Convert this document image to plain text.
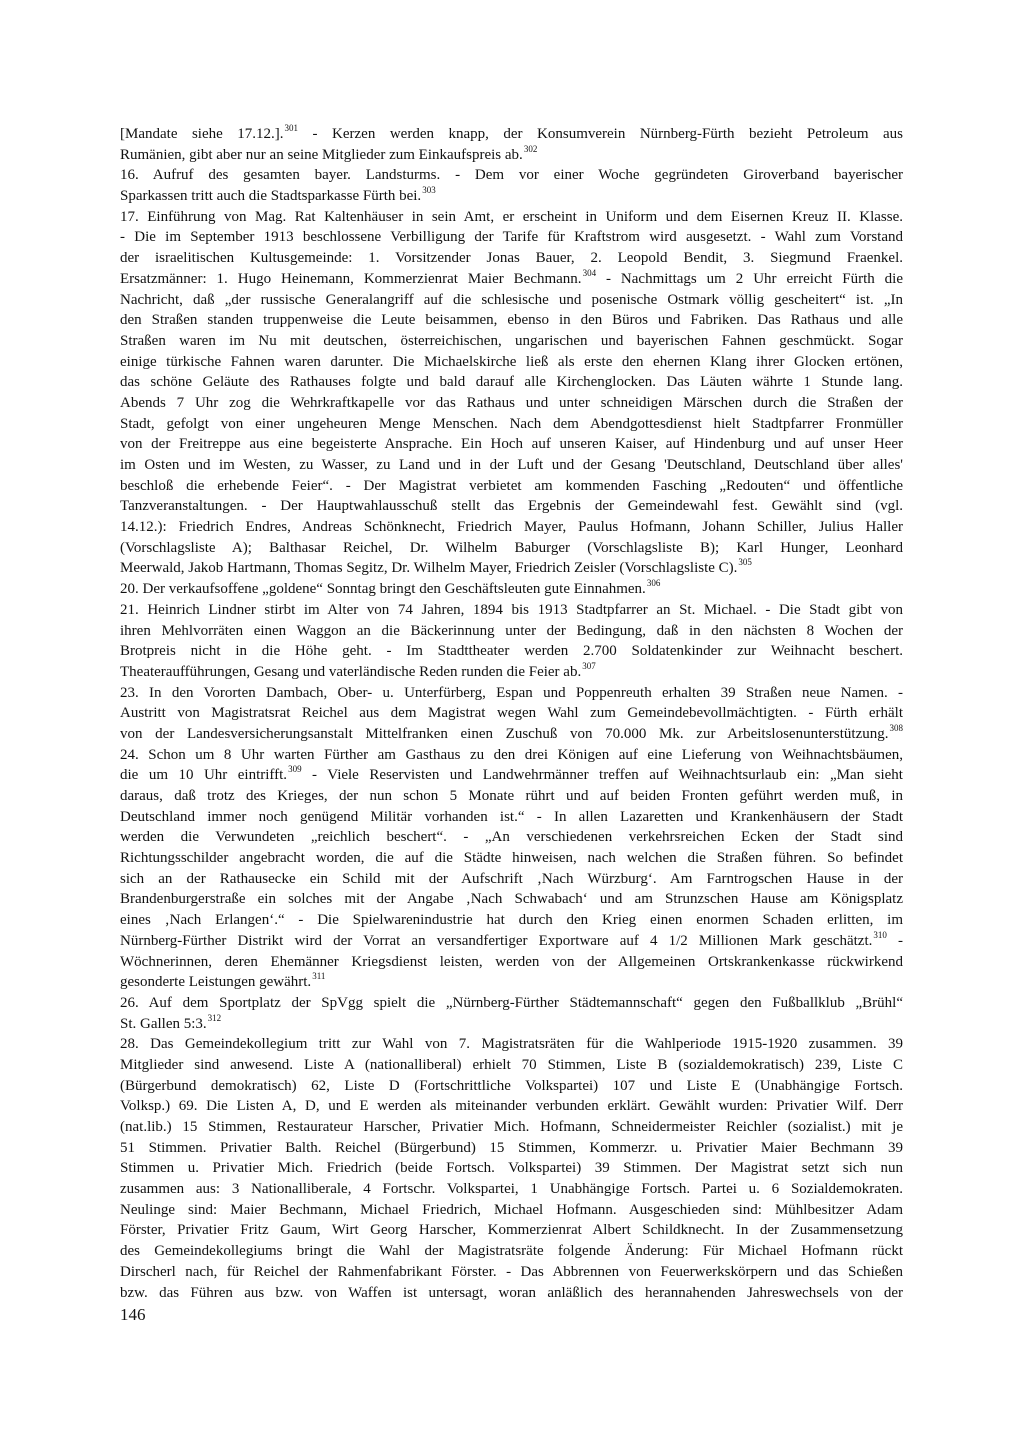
[Mandate siehe 17.12.].$^{301}$ - Kerzen werden knapp, der Konsumverein Nürnberg-Fürth bezieht Petroleum aus
Rumänien, gibt aber nur an seine Mitglieder zum Einkaufspreis ab.$^{302}$
16. Aufruf des gesamten bayer. Landsturms. - Dem vor einer Woche gegründeten Giroverband bayerischer
Sparkassen tritt auch die Stadtsparkasse Fürth bei.$^{303}$
17. Einführung von Mag. Rat Kaltenhäuser in sein Amt, er erscheint in Uniform und dem Eisernen Kreuz II. Klasse.
- Die im September 1913 beschlossene Verbilligung der Tarife für Kraftstrom wird ausgesetzt. - Wahl zum Vorstand
der israelitischen Kultusgemeinde: 1. Vorsitzender Jonas Bauer, 2. Leopold Bendit, 3. Siegmund Fraenkel.
Ersatzmänner: 1. Hugo Heinemann, Kommerzienrat Maier Bechmann.$^{304}$ - Nachmittags um 2 Uhr erreicht Fürth die
Nachricht, daß „der russische Generalangriff auf die schlesische und posenische Ostmark völlig gescheitert“ ist. „In
den Straßen standen truppenweise die Leute beisammen, ebenso in den Büros und Fabriken. Das Rathaus und alle
Straßen waren im Nu mit deutschen, österreichischen, ungarischen und bayerischen Fahnen geschmückt. Sogar
einige türkische Fahnen waren darunter. Die Michaelskirche ließ als erste den ehernen Klang ihrer Glocken ertönen,
das schöne Geläute des Rathauses folgte und bald darauf alle Kirchenglocken. Das Läuten währte 1 Stunde lang.
Abends 7 Uhr zog die Wehrkraftkapelle vor das Rathaus und unter schneidigen Märschen durch die Straßen der
Stadt, gefolgt von einer ungeheuren Menge Menschen. Nach dem Abendgottesdienst hielt Stadtpfarrer Fronmüller
von der Freitreppe aus eine begeisterte Ansprache. Ein Hoch auf unseren Kaiser, auf Hindenburg und auf unser Heer
im Osten und im Westen, zu Wasser, zu Land und in der Luft und der Gesang 'Deutschland, Deutschland über alles'
beschloß die erhebende Feier“. - Der Magistrat verbietet am kommenden Fasching „Redouten“ und öffentliche
Tanzveranstaltungen. - Der Hauptwahlausschuß stellt das Ergebnis der Gemeindewahl fest. Gewählt sind (vgl.
14.12.): Friedrich Endres, Andreas Schönknecht, Friedrich Mayer, Paulus Hofmann, Johann Schiller, Julius Haller
(Vorschlagsliste A); Balthasar Reichel, Dr. Wilhelm Baburger (Vorschlagsliste B); Karl Hunger, Leonhard
Meerwald, Jakob Hartmann, Thomas Segitz, Dr. Wilhelm Mayer, Friedrich Zeisler (Vorschlagsliste C).$^{305}$
20. Der verkaufsoffene „goldene“ Sonntag bringt den Geschäftsleuten gute Einnahmen.$^{306}$
21. Heinrich Lindner stirbt im Alter von 74 Jahren, 1894 bis 1913 Stadtpfarrer an St. Michael. - Die Stadt gibt von
ihren Mehlvorräten einen Waggon an die Bäckerinnung unter der Bedingung, daß in den nächsten 8 Wochen der
Brotpreis nicht in die Höhe geht. - Im Stadttheater werden 2.700 Soldatenkinder zur Weihnacht beschert.
Theateraufführungen, Gesang und vaterländische Reden runden die Feier ab.$^{307}$
23. In den Vororten Dambach, Ober- u. Unterfürberg, Espan und Poppenreuth erhalten 39 Straßen neue Namen. -
Austritt von Magistratsrat Reichel aus dem Magistrat wegen Wahl zum Gemeindebevollmächtigten. - Fürth erhält
von der Landesversicherungsanstalt Mittelfranken einen Zuschuß von 70.000 Mk. zur Arbeitslosenunterstützung.$^{308}$
24. Schon um 8 Uhr warten Fürther am Gasthaus zu den drei Königen auf eine Lieferung von Weihnachtsbäumen,
die um 10 Uhr eintrifft.$^{309}$ - Viele Reservisten und Landwehrmänner treffen auf Weihnachtsurlaub ein: „Man sieht
daraus, daß trotz des Krieges, der nun schon 5 Monate rührt und auf beiden Fronten geführt werden muß, in
Deutschland immer noch genügend Militär vorhanden ist.“ - In allen Lazaretten und Krankenhäusern der Stadt
werden die Verwundeten „reichlich beschert“. - „An verschiedenen verkehrsreichen Ecken der Stadt sind
Richtungsschilder angebracht worden, die auf die Städte hinweisen, nach welchen die Straßen führen. So befindet
sich an der Rathausecke ein Schild mit der Aufschrift ‚Nach Würzburg‘. Am Farntrogschen Hause in der
Brandenburgerstraße ein solches mit der Angabe ‚Nach Schwabach‘ und am Strunzschen Hause am Königsplatz
eines ‚Nach Erlangen‘.“ - Die Spielwarenindustrie hat durch den Krieg einen enormen Schaden erlitten, im
Nürnberg-Fürther Distrikt wird der Vorrat an versandfertiger Exportware auf 4 1/2 Millionen Mark geschätzt.$^{310}$ -
Wöchnerinnen, deren Ehemänner Kriegsdienst leisten, werden von der Allgemeinen Ortskrankenkasse rückwirkend
gesonderte Leistungen gewährt.$^{311}$
26. Auf dem Sportplatz der SpVgg spielt die „Nürnberg-Fürther Städtemannschaft“ gegen den Fußballklub „Brühl“
St. Gallen 5:3.$^{312}$
28. Das Gemeindekollegium tritt zur Wahl von 7. Magistratsräten für die Wahlperiode 1915-1920 zusammen. 39
Mitglieder sind anwesend. Liste A (nationalliberal) erhielt 70 Stimmen, Liste B (sozialdemokratisch) 239, Liste C
(Bürgerbund demokratisch) 62, Liste D (Fortschrittliche Volkspartei) 107 und Liste E (Unabhängige Fortsch.
Volksp.) 69. Die Listen A, D, und E werden als miteinander verbunden erklärt. Gewählt wurden: Privatier Wilf. Derr
(nat.lib.) 15 Stimmen, Restaurateur Harscher, Privatier Mich. Hofmann, Schneidermeister Reichler (sozialist.) mit je
51 Stimmen. Privatier Balth. Reichel (Bürgerbund) 15 Stimmen, Kommerzr. u. Privatier Maier Bechmann 39
Stimmen u. Privatier Mich. Friedrich (beide Fortsch. Volkspartei) 39 Stimmen. Der Magistrat setzt sich nun
zusammen aus: 3 Nationalliberale, 4 Fortschr. Volkspartei, 1 Unabhängige Fortsch. Partei u. 6 Sozialdemokraten.
Neulinge sind: Maier Bechmann, Michael Friedrich, Michael Hofmann. Ausgeschieden sind: Mühlbesitzer Adam
Förster, Privatier Fritz Gaum, Wirt Georg Harscher, Kommerzienrat Albert Schildknecht. In der Zusammensetzung
des Gemeindekollegiums bringt die Wahl der Magistratsräte folgende Änderung: Für Michael Hofmann rückt
Dirscherl nach, für Reichel der Rahmenfabrikant Förster. - Das Abbrennen von Feuerwerkskörpern und das Schießen
bzw. das Führen aus bzw. von Waffen ist untersagt, woran anläßlich des herannahenden Jahreswechsels von der
146
